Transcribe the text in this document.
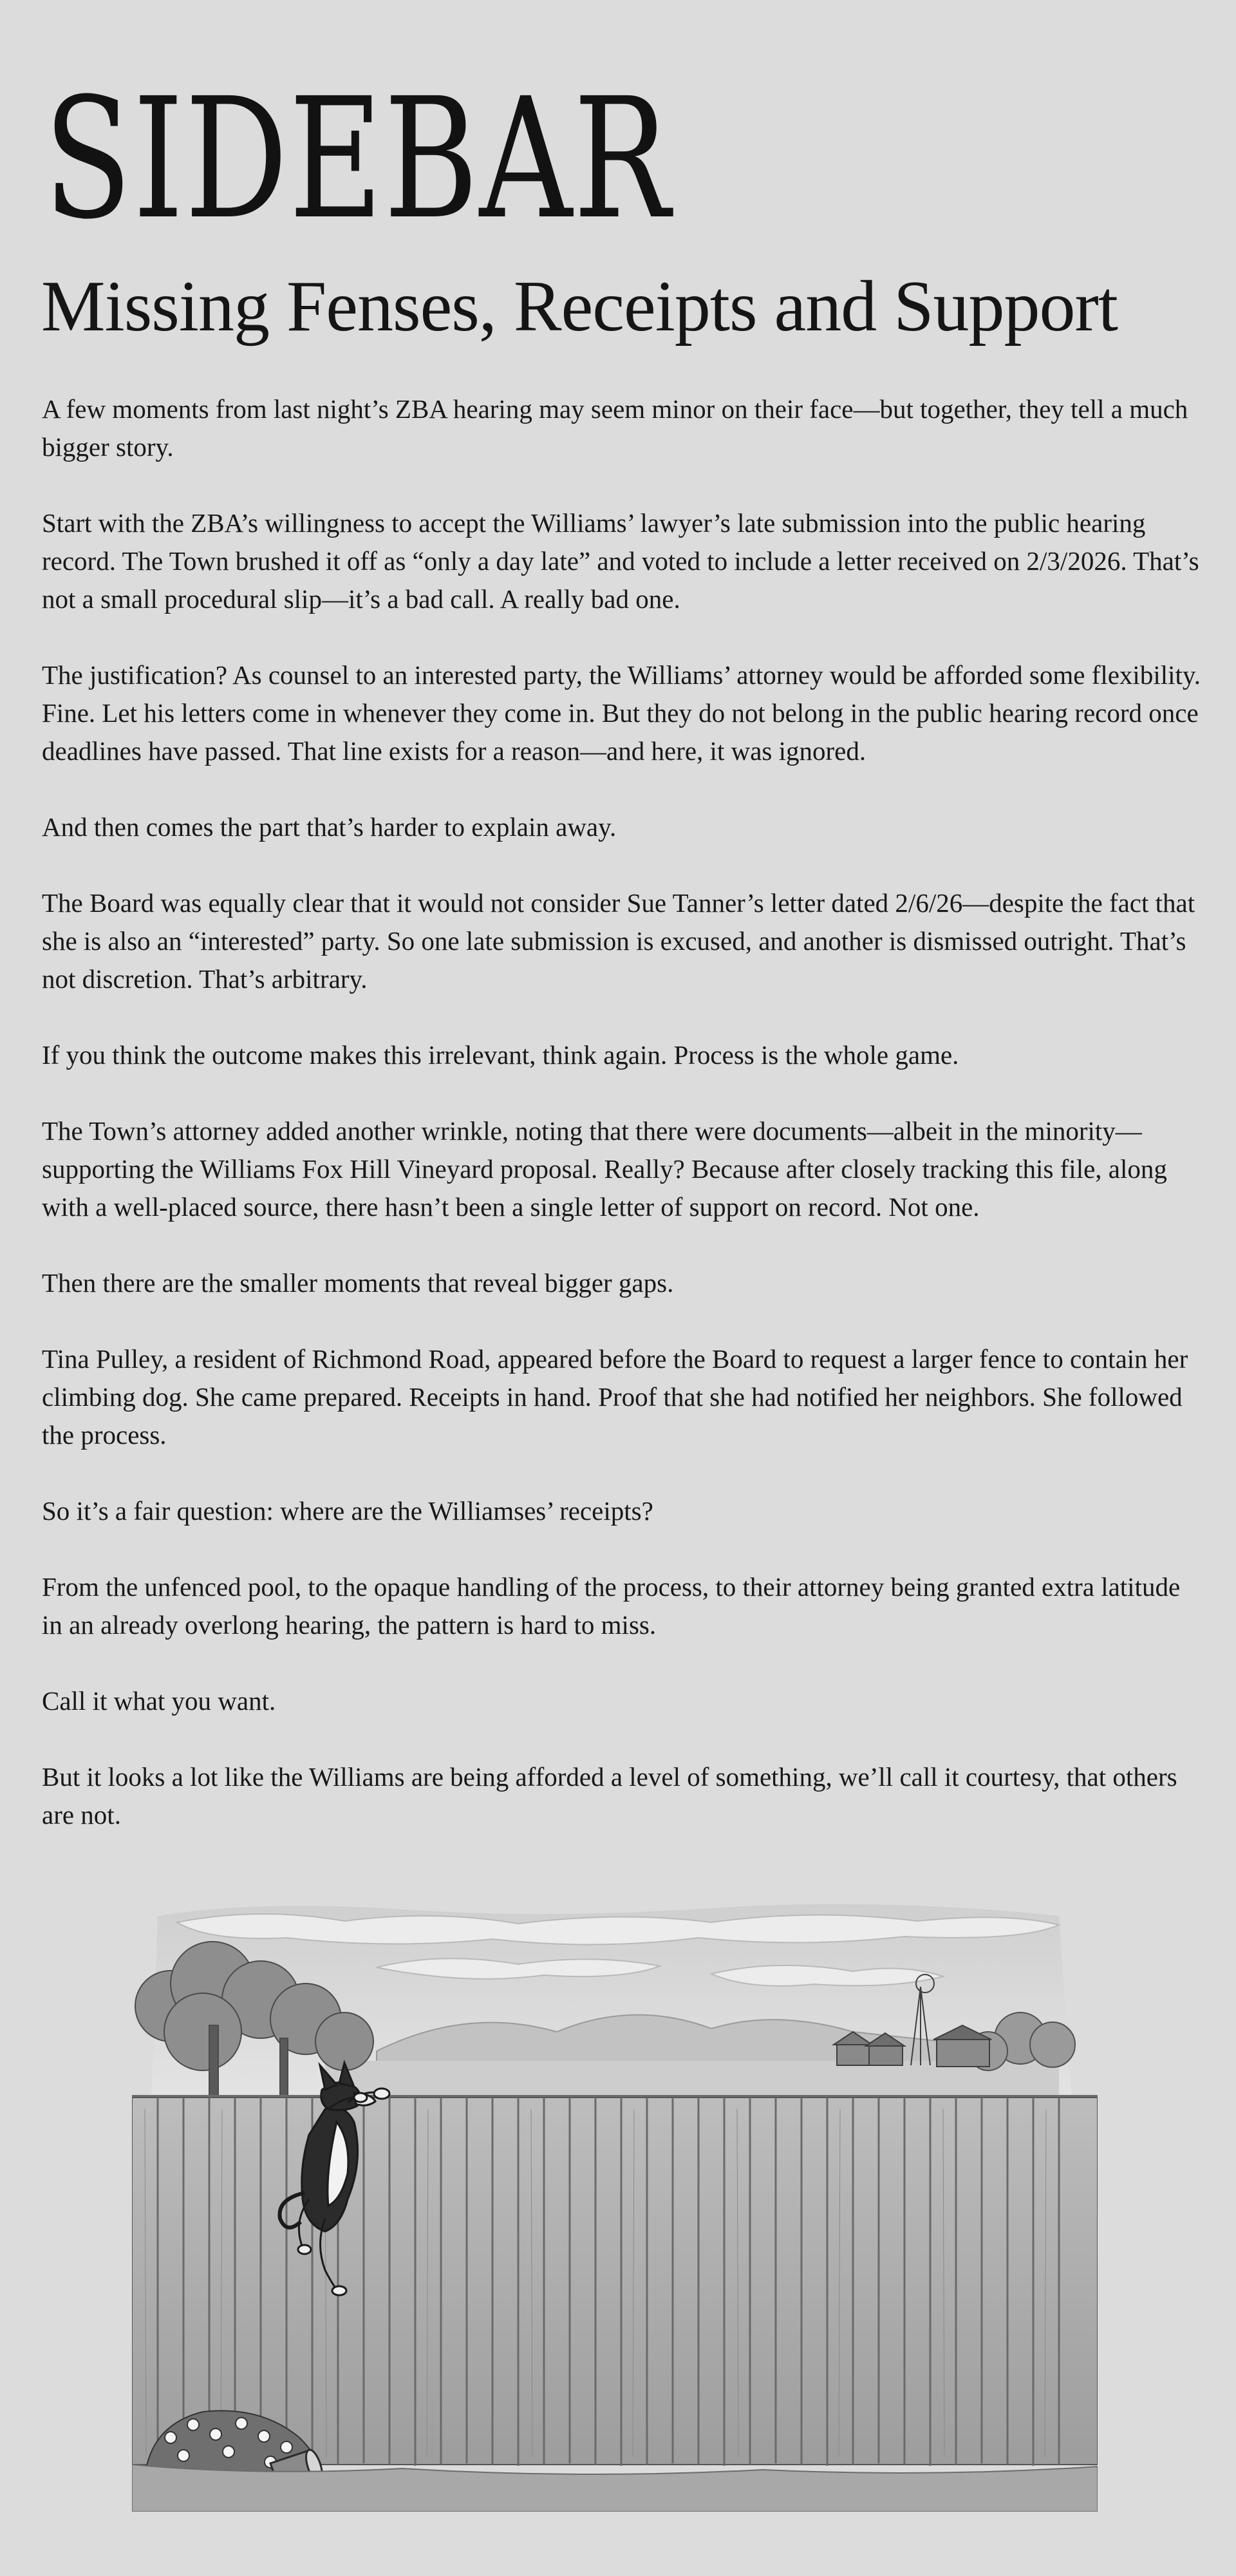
SIDEBAR
Missing Fenses, Receipts and Support

A few moments from last night’s ZBA hearing may seem minor on their face—but together, they tell a much bigger story.

Start with the ZBA’s willingness to accept the Williams’ lawyer’s late submission into the public hearing record. The Town brushed it off as “only a day late” and voted to include a letter received on 2/3/2026. That’s not a small procedural slip—it’s a bad call. A really bad one.

The justification? As counsel to an interested party, the Williams’ attorney would be afforded some flexibility. Fine. Let his letters come in whenever they come in. But they do not belong in the public hearing record once deadlines have passed. That line exists for a reason—and here, it was ignored.

And then comes the part that’s harder to explain away.

The Board was equally clear that it would not consider Sue Tanner’s letter dated 2/6/26—despite the fact that she is also an “interested” party. So one late submission is excused, and another is dismissed outright. That’s not discretion. That’s arbitrary.

If you think the outcome makes this irrelevant, think again. Process is the whole game.

The Town’s attorney added another wrinkle, noting that there were documents—albeit in the minority—supporting the Williams Fox Hill Vineyard proposal. Really? Because after closely tracking this file, along with a well-placed source, there hasn’t been a single letter of support on record. Not one.

Then there are the smaller moments that reveal bigger gaps.

Tina Pulley, a resident of Richmond Road, appeared before the Board to request a larger fence to contain her climbing dog. She came prepared. Receipts in hand. Proof that she had notified her neighbors. She followed the process.

So it’s a fair question: where are the Williamses’ receipts?

From the unfenced pool, to the opaque handling of the process, to their attorney being granted extra latitude in an already overlong hearing, the pattern is hard to miss.

Call it what you want.

But it looks a lot like the Williams are being afforded a level of something, we’ll call it courtesy, that others are not.
